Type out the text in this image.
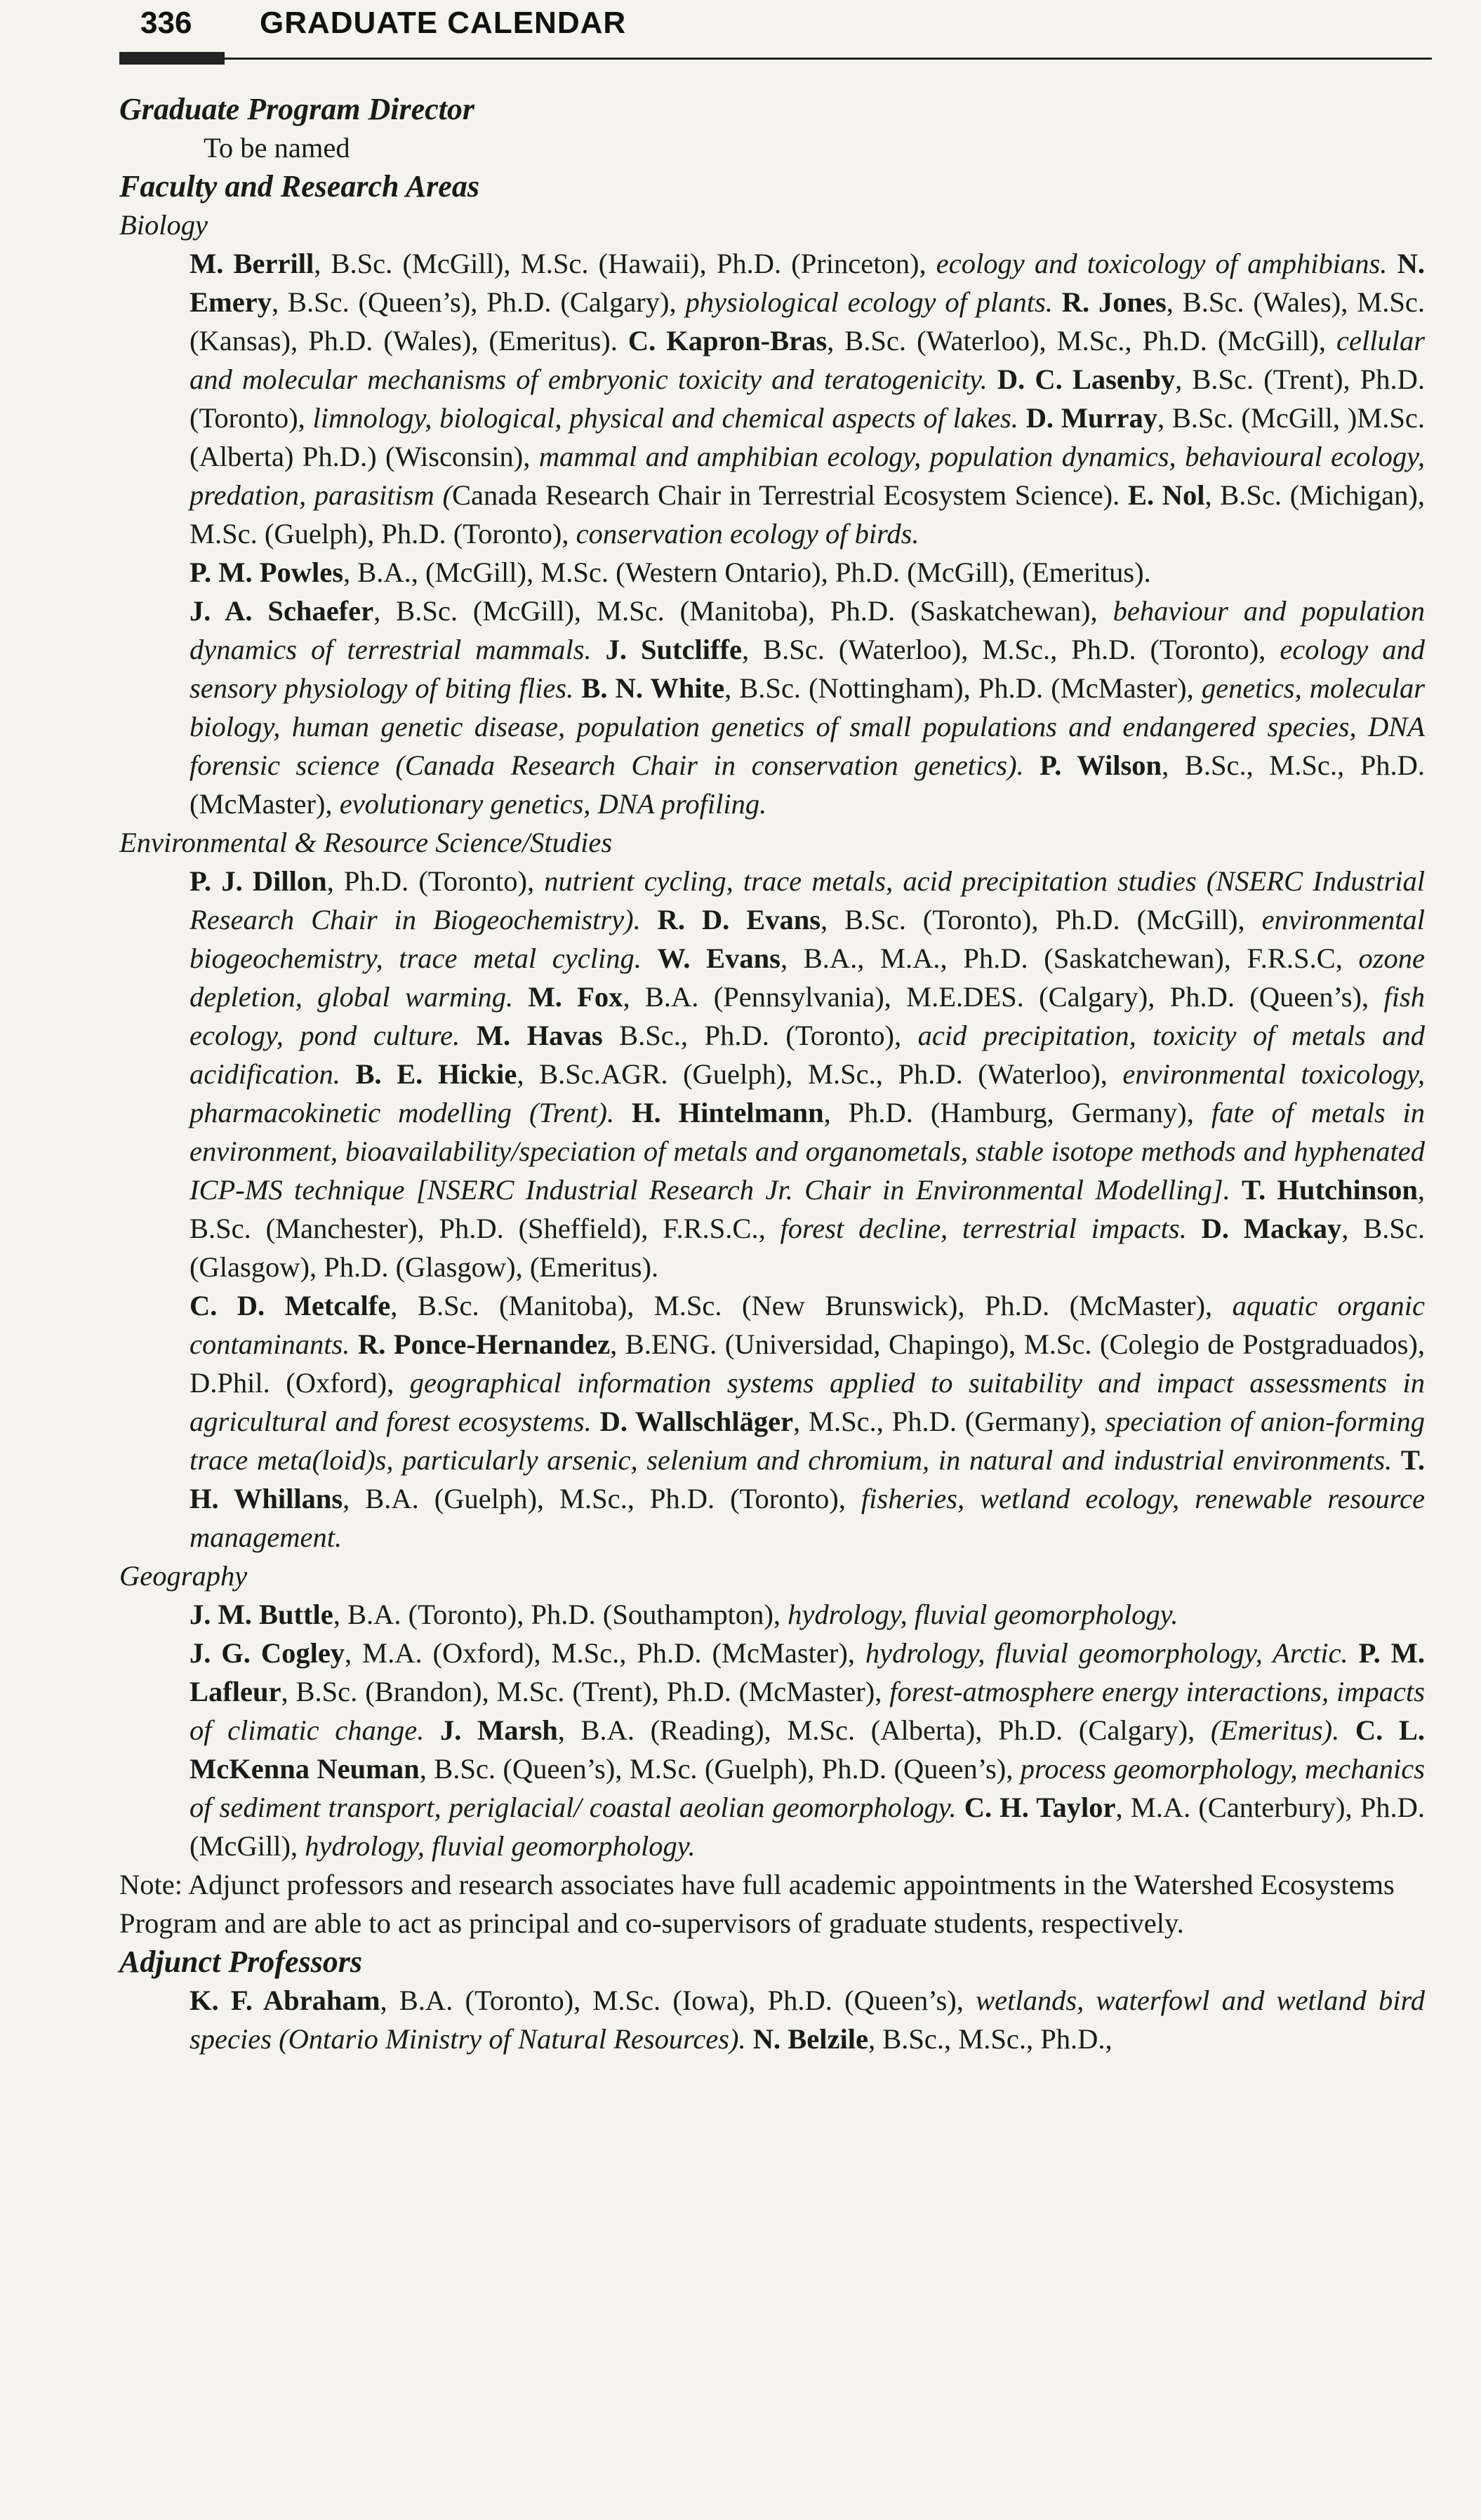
336 GRADUATE CALENDAR
Graduate Program Director
To be named
Faculty and Research Areas
Biology
M. Berrill, B.Sc. (McGill), M.Sc. (Hawaii), Ph.D. (Princeton), ecology and toxicology of amphibians. N. Emery, B.Sc. (Queen’s), Ph.D. (Calgary), physiological ecology of plants. R. Jones, B.Sc. (Wales), M.Sc. (Kansas), Ph.D. (Wales), (Emeritus). C. Kapron-Bras, B.Sc. (Waterloo), M.Sc., Ph.D. (McGill), cellular and molecular mechanisms of embryonic toxicity and teratogenicity. D. C. Lasenby, B.Sc. (Trent), Ph.D. (Toronto), limnology, biological, physical and chemical aspects of lakes. D. Murray, B.Sc. (McGill, )M.Sc. (Alberta) Ph.D.) (Wisconsin), mammal and amphibian ecology, population dynamics, behavioural ecology, predation, parasitism (Canada Research Chair in Terrestrial Ecosystem Science). E. Nol, B.Sc. (Michigan), M.Sc. (Guelph), Ph.D. (Toronto), conservation ecology of birds.
P. M. Powles, B.A., (McGill), M.Sc. (Western Ontario), Ph.D. (McGill), (Emeritus).
J. A. Schaefer, B.Sc. (McGill), M.Sc. (Manitoba), Ph.D. (Saskatchewan), behaviour and population dynamics of terrestrial mammals. J. Sutcliffe, B.Sc. (Waterloo), M.Sc., Ph.D. (Toronto), ecology and sensory physiology of biting flies. B. N. White, B.Sc. (Nottingham), Ph.D. (McMaster), genetics, molecular biology, human genetic disease, population genetics of small populations and endangered species, DNA forensic science (Canada Research Chair in conservation genetics). P. Wilson, B.Sc., M.Sc., Ph.D.(McMaster), evolutionary genetics, DNA profiling.
Environmental & Resource Science/Studies
P. J. Dillon, Ph.D. (Toronto), nutrient cycling, trace metals, acid precipitation studies (NSERC Industrial Research Chair in Biogeochemistry). R. D. Evans, B.Sc. (Toronto), Ph.D. (McGill), environmental biogeochemistry, trace metal cycling. W. Evans, B.A., M.A., Ph.D. (Saskatchewan), F.R.S.C, ozone depletion, global warming. M. Fox, B.A. (Pennsylvania), M.E.DES. (Calgary), Ph.D. (Queen’s), fish ecology, pond culture. M. Havas B.Sc., Ph.D. (Toronto), acid precipitation, toxicity of metals and acidification. B. E. Hickie, B.Sc.AGR. (Guelph), M.Sc., Ph.D. (Waterloo), environmental toxicology, pharmacokinetic modelling (Trent). H. Hintelmann, Ph.D. (Hamburg, Germany), fate of metals in environment, bioavailability/speciation of metals and organometals, stable isotope methods and hyphenated ICP-MS technique [NSERC Industrial Research Jr. Chair in Environmental Modelling]. T. Hutchinson, B.Sc. (Manchester), Ph.D. (Sheffield), F.R.S.C., forest decline, terrestrial impacts. D. Mackay, B.Sc. (Glasgow), Ph.D. (Glasgow), (Emeritus).
C. D. Metcalfe, B.Sc. (Manitoba), M.Sc. (New Brunswick), Ph.D. (McMaster), aquatic organic contaminants. R. Ponce-Hernandez, B.ENG. (Universidad, Chapingo), M.Sc. (Colegio de Postgraduados), D.Phil. (Oxford), geographical information systems applied to suitability and impact assessments in agricultural and forest ecosystems. D. Wallschläger, M.Sc., Ph.D. (Germany), speciation of anion-forming trace meta(loid)s, particularly arsenic, selenium and chromium, in natural and industrial environments. T. H. Whillans, B.A. (Guelph), M.Sc., Ph.D. (Toronto), fisheries, wetland ecology, renewable resource management.
Geography
J. M. Buttle, B.A. (Toronto), Ph.D. (Southampton), hydrology, fluvial geomorphology.
J. G. Cogley, M.A. (Oxford), M.Sc., Ph.D. (McMaster), hydrology, fluvial geomorphology, Arctic. P. M. Lafleur, B.Sc. (Brandon), M.Sc. (Trent), Ph.D. (McMaster), forest-atmosphere energy interactions, impacts of climatic change. J. Marsh, B.A. (Reading), M.Sc. (Alberta), Ph.D. (Calgary), (Emeritus). C. L. McKenna Neuman, B.Sc. (Queen’s), M.Sc. (Guelph), Ph.D. (Queen’s), process geomorphology, mechanics of sediment transport, periglacial/ coastal aeolian geomorphology. C. H. Taylor, M.A. (Canterbury), Ph.D. (McGill), hydrology, fluvial geomorphology.
Note: Adjunct professors and research associates have full academic appointments in the Watershed Ecosystems Program and are able to act as principal and co-supervisors of graduate students, respectively.
Adjunct Professors
K. F. Abraham, B.A. (Toronto), M.Sc. (Iowa), Ph.D. (Queen’s), wetlands, waterfowl and wetland bird species (Ontario Ministry of Natural Resources). N. Belzile, B.Sc., M.Sc., Ph.D.,
